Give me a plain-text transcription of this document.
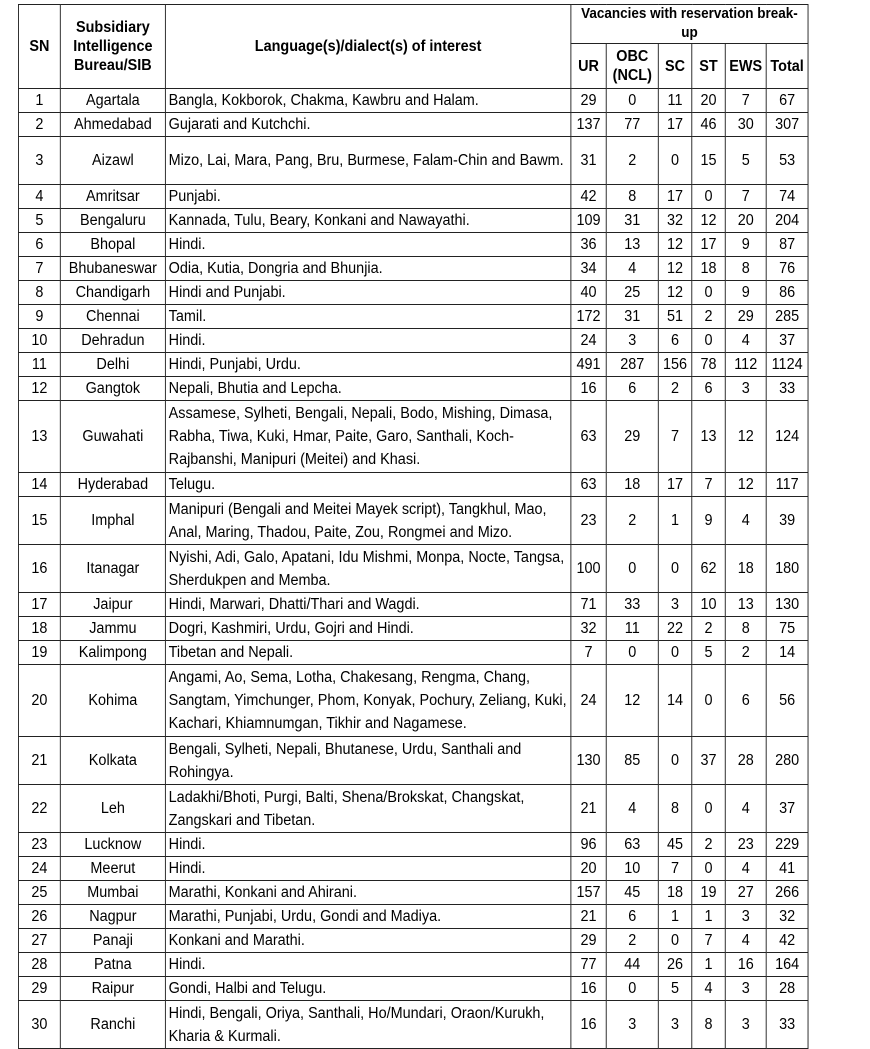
SN	Subsidiary Intelligence Bureau/SIB	Language(s)/dialect(s) of interest	Vacancies with reservation break-up					
			UR	OBC (NCL)	SC	ST	EWS	Total
1	Agartala	Bangla, Kokborok, Chakma, Kawbru and Halam.	29	0	11	20	7	67
2	Ahmedabad	Gujarati and Kutchchi.	137	77	17	46	30	307
3	Aizawl	Mizo, Lai, Mara, Pang, Bru, Burmese, Falam-Chin and Bawm.	31	2	0	15	5	53
4	Amritsar	Punjabi.	42	8	17	0	7	74
5	Bengaluru	Kannada, Tulu, Beary, Konkani and Nawayathi.	109	31	32	12	20	204
6	Bhopal	Hindi.	36	13	12	17	9	87
7	Bhubaneswar	Odia, Kutia, Dongria and Bhunjia.	34	4	12	18	8	76
8	Chandigarh	Hindi and Punjabi.	40	25	12	0	9	86
9	Chennai	Tamil.	172	31	51	2	29	285
10	Dehradun	Hindi.	24	3	6	0	4	37
11	Delhi	Hindi, Punjabi, Urdu.	491	287	156	78	112	1124
12	Gangtok	Nepali, Bhutia and Lepcha.	16	6	2	6	3	33
13	Guwahati	Assamese, Sylheti, Bengali, Nepali, Bodo, Mishing, Dimasa, Rabha, Tiwa, Kuki, Hmar, Paite, Garo, Santhali, Koch-Rajbanshi, Manipuri (Meitei) and Khasi.	63	29	7	13	12	124
14	Hyderabad	Telugu.	63	18	17	7	12	117
15	Imphal	Manipuri (Bengali and Meitei Mayek script), Tangkhul, Mao, Anal, Maring, Thadou, Paite, Zou, Rongmei and Mizo.	23	2	1	9	4	39
16	Itanagar	Nyishi, Adi, Galo, Apatani, Idu Mishmi, Monpa, Nocte, Tangsa, Sherdukpen and Memba.	100	0	0	62	18	180
17	Jaipur	Hindi, Marwari, Dhatti/Thari and Wagdi.	71	33	3	10	13	130
18	Jammu	Dogri, Kashmiri, Urdu, Gojri and Hindi.	32	11	22	2	8	75
19	Kalimpong	Tibetan and Nepali.	7	0	0	5	2	14
20	Kohima	Angami, Ao, Sema, Lotha, Chakesang, Rengma, Chang, Sangtam, Yimchunger, Phom, Konyak, Pochury, Zeliang, Kuki, Kachari, Khiamnumgan, Tikhir and Nagamese.	24	12	14	0	6	56
21	Kolkata	Bengali, Sylheti, Nepali, Bhutanese, Urdu, Santhali and Rohingya.	130	85	0	37	28	280
22	Leh	Ladakhi/Bhoti, Purgi, Balti, Shena/Brokskat, Changskat, Zangskari and Tibetan.	21	4	8	0	4	37
23	Lucknow	Hindi.	96	63	45	2	23	229
24	Meerut	Hindi.	20	10	7	0	4	41
25	Mumbai	Marathi, Konkani and Ahirani.	157	45	18	19	27	266
26	Nagpur	Marathi, Punjabi, Urdu, Gondi and Madiya.	21	6	1	1	3	32
27	Panaji	Konkani and Marathi.	29	2	0	7	4	42
28	Patna	Hindi.	77	44	26	1	16	164
29	Raipur	Gondi, Halbi and Telugu.	16	0	5	4	3	28
30	Ranchi	Hindi, Bengali, Oriya, Santhali, Ho/Mundari, Oraon/Kurukh, Kharia & Kurmali.	16	3	3	8	3	33
